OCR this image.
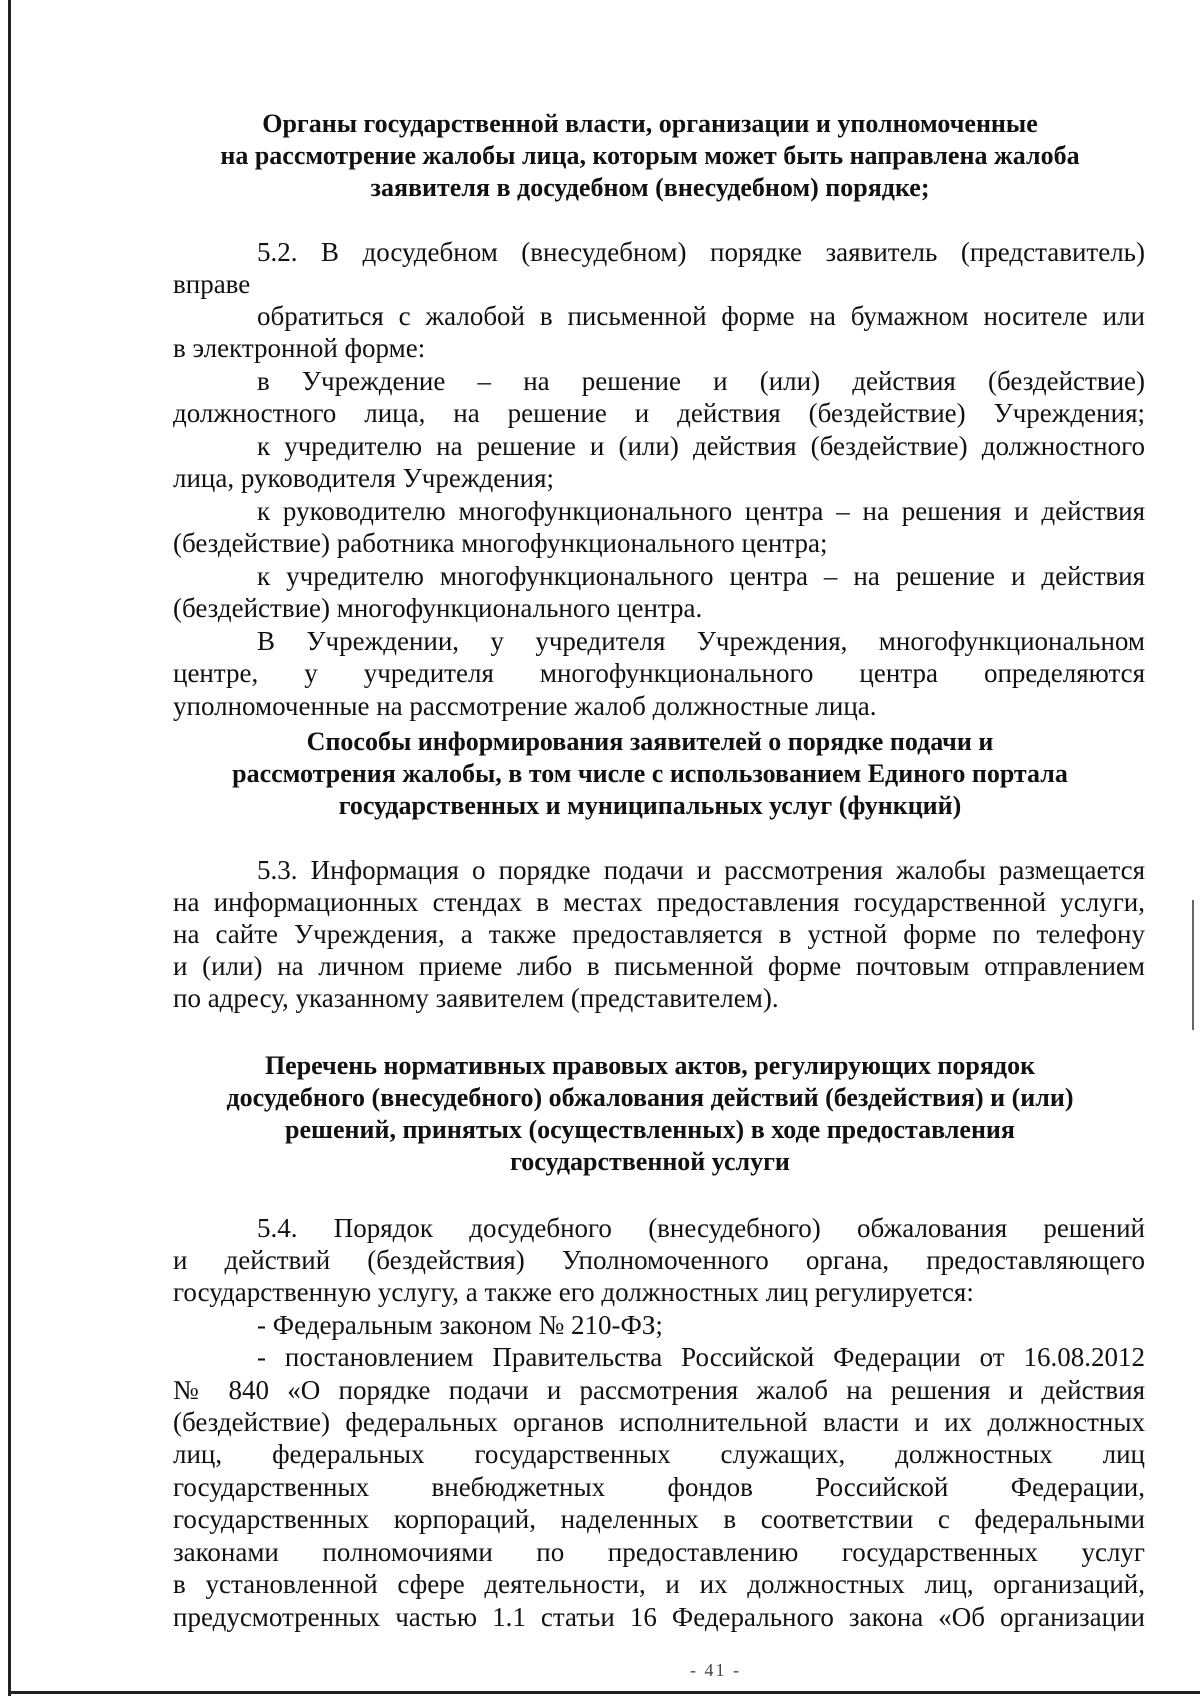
Органы государственной власти, организации и уполномоченные
на рассмотрение жалобы лица, которым может быть направлена жалоба
заявителя в досудебном (внесудебном) порядке;
5.2. В досудебном (внесудебном) порядке заявитель (представитель)
вправе
обратиться с жалобой в письменной форме на бумажном носителе или
в электронной форме:
в Учреждение – на решение и (или) действия (бездействие)
должностного лица, на решение и действия (бездействие) Учреждения;
к учредителю на решение и (или) действия (бездействие) должностного
лица, руководителя Учреждения;
к руководителю многофункционального центра – на решения и действия
(бездействие) работника многофункционального центра;
к учредителю многофункционального центра – на решение и действия
(бездействие) многофункционального центра.
В Учреждении, у учредителя Учреждения, многофункциональном
центре, у учредителя многофункционального центра определяются
уполномоченные на рассмотрение жалоб должностные лица.
Способы информирования заявителей о порядке подачи и
рассмотрения жалобы, в том числе с использованием Единого портала
государственных и муниципальных услуг (функций)
5.3. Информация о порядке подачи и рассмотрения жалобы размещается
на информационных стендах в местах предоставления государственной услуги,
на сайте Учреждения, а также предоставляется в устной форме по телефону
и (или) на личном приеме либо в письменной форме почтовым отправлением
по адресу, указанному заявителем (представителем).
Перечень нормативных правовых актов, регулирующих порядок
досудебного (внесудебного) обжалования действий (бездействия) и (или)
решений, принятых (осуществленных) в ходе предоставления
государственной услуги
5.4. Порядок досудебного (внесудебного) обжалования решений
и действий (бездействия) Уполномоченного органа, предоставляющего
государственную услугу, а также его должностных лиц регулируется:
- Федеральным законом № 210-ФЗ;
- постановлением Правительства Российской Федерации от 16.08.2012
№ 840 «О порядке подачи и рассмотрения жалоб на решения и действия
(бездействие) федеральных органов исполнительной власти и их должностных
лиц, федеральных государственных служащих, должностных лиц
государственных внебюджетных фондов Российской Федерации,
государственных корпораций, наделенных в соответствии с федеральными
законами полномочиями по предоставлению государственных услуг
в установленной сфере деятельности, и их должностных лиц, организаций,
предусмотренных частью 1.1 статьи 16 Федерального закона «Об организации
- 41 -
